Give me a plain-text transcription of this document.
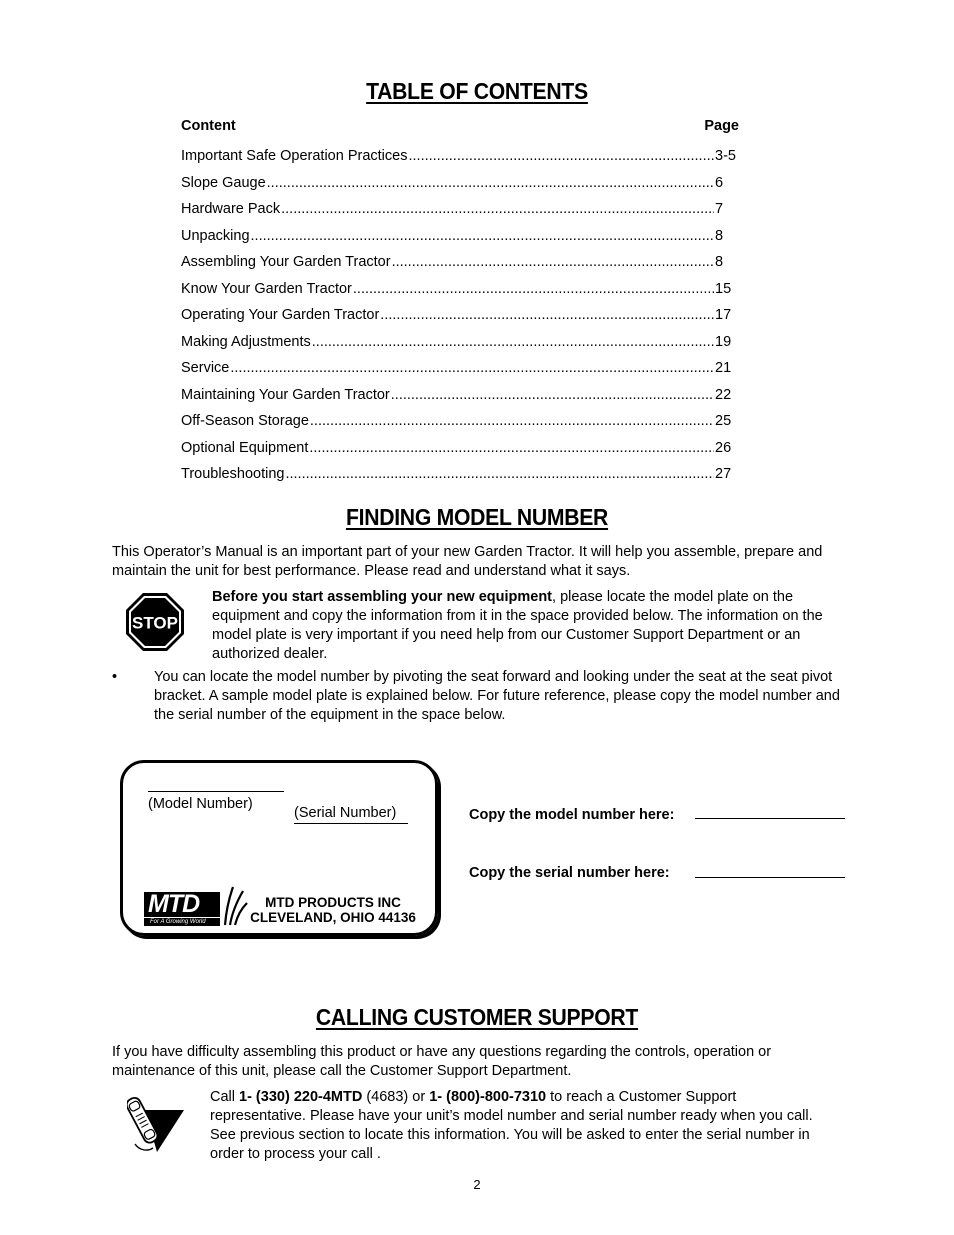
TABLE OF CONTENTS
Content	Page
Important Safe Operation Practices .....	3-5
Slope Gauge .....	6
Hardware Pack .....	7
Unpacking .....	8
Assembling Your Garden Tractor .....	8
Know Your Garden Tractor .....	15
Operating Your Garden Tractor .....	17
Making Adjustments .....	19
Service .....	21
Maintaining Your Garden Tractor .....	22
Off-Season Storage .....	25
Optional Equipment .....	26
Troubleshooting .....	27
FINDING MODEL NUMBER
This Operator’s Manual is an important part of your new Garden Tractor. It will help you assemble, prepare and maintain the unit for best performance. Please read and understand what it says.
STOP
Before you start assembling your new equipment, please locate the model plate on the equipment and copy the information from it in the space provided below. The information on the model plate is very important if you need help from our Customer Support Department or an authorized dealer.
•	You can locate the model number by pivoting the seat forward and looking under the seat at the seat pivot bracket. A sample model plate is explained below. For future reference, please copy the model number and the serial number of the equipment in the space below.
(Model Number)
(Serial Number)
MTD
For A Growing World
MTD PRODUCTS INC
CLEVELAND, OHIO 44136
Copy the model number here:
Copy the serial number here:
CALLING CUSTOMER SUPPORT
If you have difficulty assembling this product or have any questions regarding the controls, operation or maintenance of this unit, please call the Customer Support Department.
Call 1- (330) 220-4MTD (4683) or 1- (800)-800-7310 to reach a Customer Support representative. Please have your unit’s model number and serial number ready when you call. See previous section to locate this information. You will be asked to enter the serial number in order to process your call .
2
